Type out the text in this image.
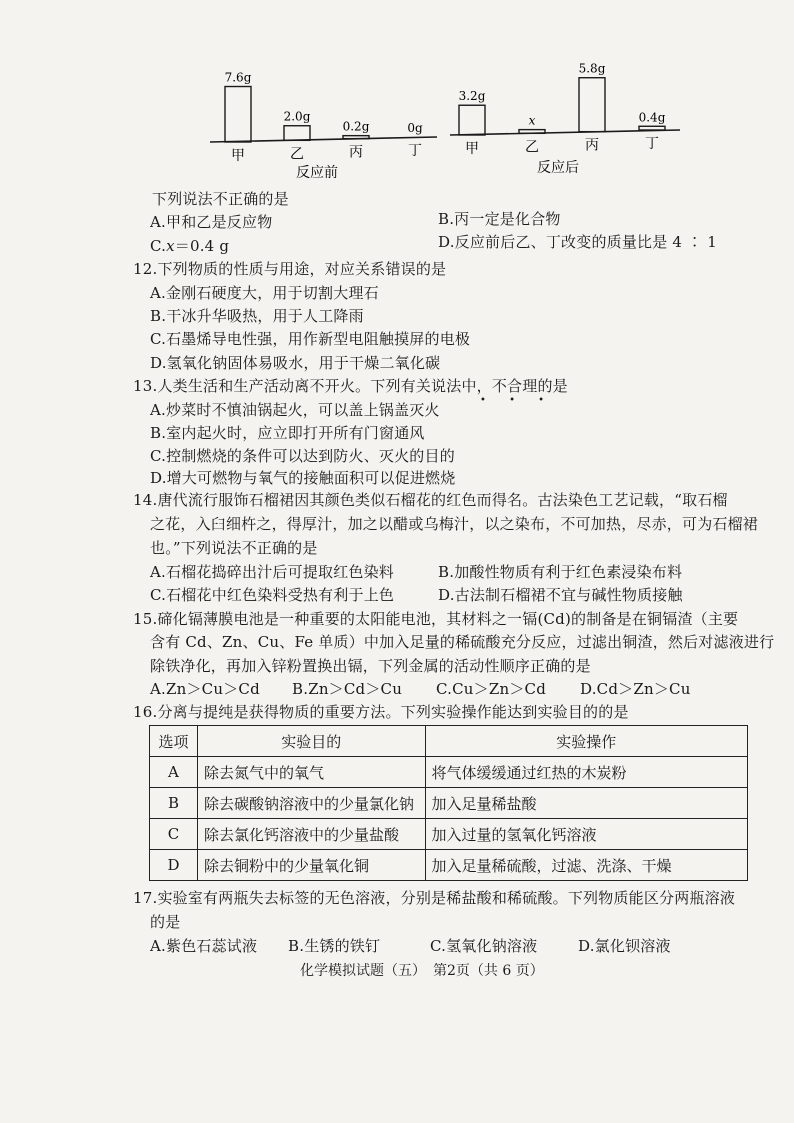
7.6g
甲
2.0g
乙
0.2g
丙
0g
丁
反应前
3.2g
甲
x
乙
5.8g
丙
0.4g
丁
反应后
下列说法不正确的是
A.甲和乙是反应物	B.丙一定是化合物
C.𝑥＝0.4 g	D.反应前后乙、丁改变的质量比是 4 ∶ 1
12.下列物质的性质与用途，对应关系错误的是
A.金刚石硬度大，用于切割大理石
B.干冰升华吸热，用于人工降雨
C.石墨烯导电性强，用作新型电阻触摸屏的电极
D.氢氧化钠固体易吸水，用于干燥二氧化碳
13.人类生活和生产活动离不开火。下列有关说法中，不合理的是
• • •
A.炒菜时不慎油锅起火，可以盖上锅盖灭火
B.室内起火时，应立即打开所有门窗通风
C.控制燃烧的条件可以达到防火、灭火的目的
D.增大可燃物与氧气的接触面积可以促进燃烧
14.唐代流行服饰石榴裙因其颜色类似石榴花的红色而得名。古法染色工艺记载，“取石榴
之花，入臼细杵之，得厚汁，加之以醋或乌梅汁，以之染布，不可加热，尽赤，可为石榴裙
也。”下列说法不正确的是
A.石榴花捣碎出汁后可提取红色染料	B.加酸性物质有利于红色素浸染布料
C.石榴花中红色染料受热有利于上色	D.古法制石榴裙不宜与碱性物质接触
15.碲化镉薄膜电池是一种重要的太阳能电池，其材料之一镉(Cd)的制备是在铜镉渣（主要
含有 Cd、Zn、Cu、Fe 单质）中加入足量的稀硫酸充分反应，过滤出铜渣，然后对滤液进行
除铁净化，再加入锌粉置换出镉，下列金属的活动性顺序正确的是
A.Zn＞Cu＞Cd B.Zn＞Cd＞Cu C.Cu＞Zn＞Cd D.Cd＞Zn＞Cu
16.分离与提纯是获得物质的重要方法。下列实验操作能达到实验目的的是
选项	实验目的	实验操作
A	除去氮气中的氧气	将气体缓缓通过红热的木炭粉
B	除去碳酸钠溶液中的少量氯化钠	加入足量稀盐酸
C	除去氯化钙溶液中的少量盐酸	加入过量的氢氧化钙溶液
D	除去铜粉中的少量氧化铜	加入足量稀硫酸，过滤、洗涤、干燥
17.实验室有两瓶失去标签的无色溶液，分别是稀盐酸和稀硫酸。下列物质能区分两瓶溶液
的是
A.紫色石蕊试液 B.生锈的铁钉	C.氢氧化钠溶液	D.氯化钡溶液
化学模拟试题（五）　第2页（共 6 页）
